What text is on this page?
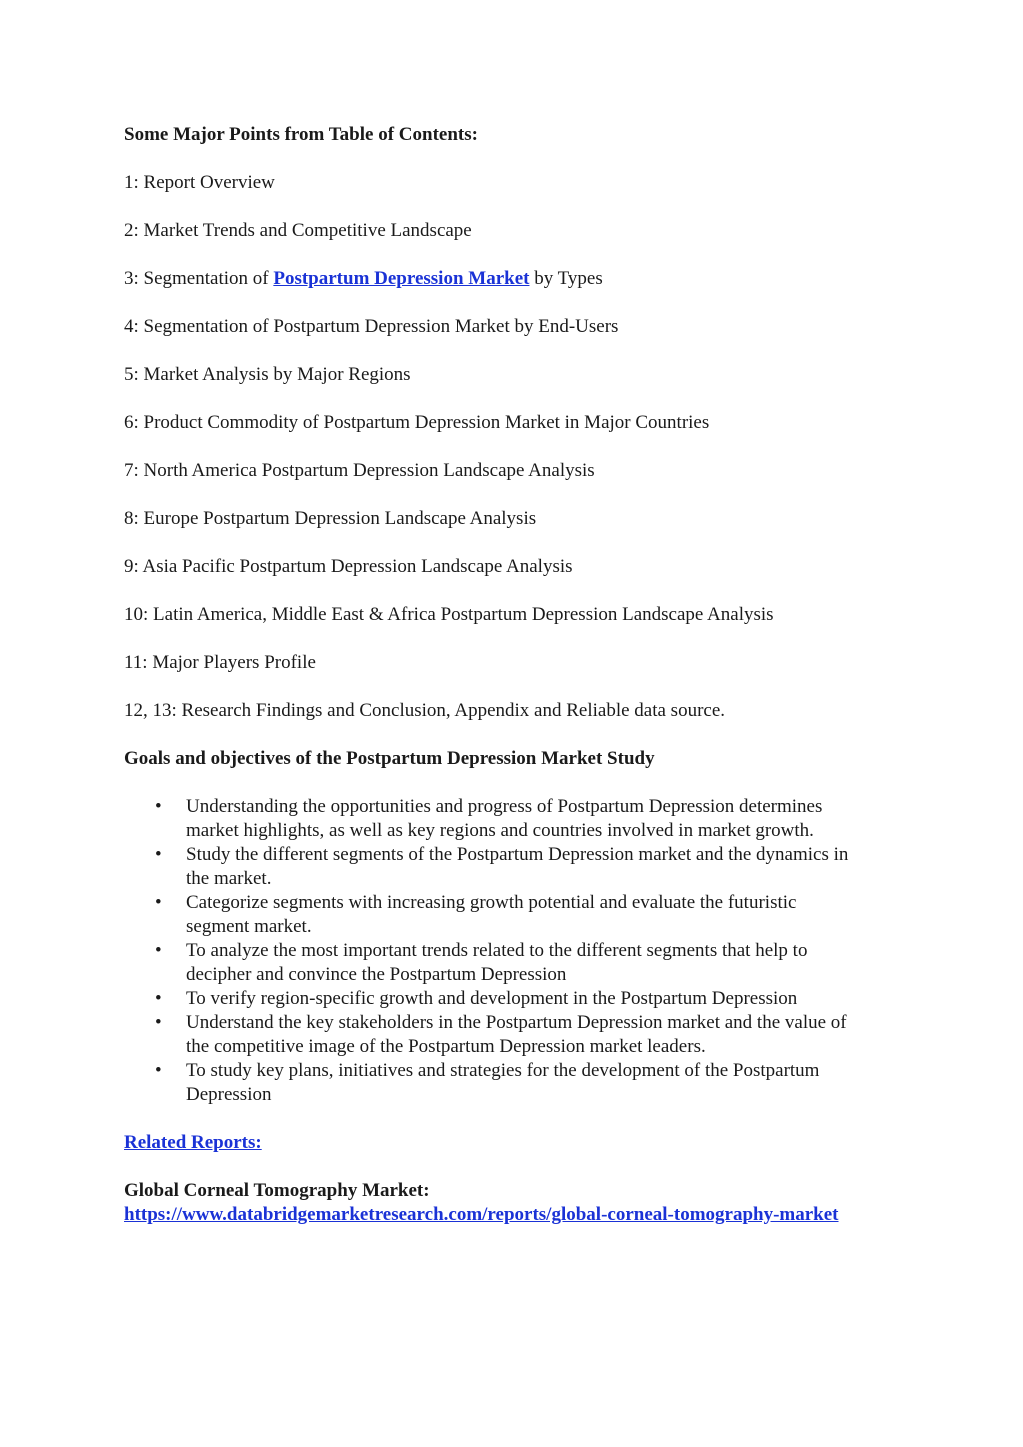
Some Major Points from Table of Contents:
1: Report Overview
2: Market Trends and Competitive Landscape
3: Segmentation of Postpartum Depression Market by Types
4: Segmentation of Postpartum Depression Market by End-Users
5: Market Analysis by Major Regions
6: Product Commodity of Postpartum Depression Market in Major Countries
7: North America Postpartum Depression Landscape Analysis
8: Europe Postpartum Depression Landscape Analysis
9: Asia Pacific Postpartum Depression Landscape Analysis
10: Latin America, Middle East & Africa Postpartum Depression Landscape Analysis
11: Major Players Profile
12, 13: Research Findings and Conclusion, Appendix and Reliable data source.
Goals and objectives of the Postpartum Depression Market Study
• Understanding the opportunities and progress of Postpartum Depression determines market highlights, as well as key regions and countries involved in market growth.
• Study the different segments of the Postpartum Depression market and the dynamics in the market.
• Categorize segments with increasing growth potential and evaluate the futuristic segment market.
• To analyze the most important trends related to the different segments that help to decipher and convince the Postpartum Depression
• To verify region-specific growth and development in the Postpartum Depression
• Understand the key stakeholders in the Postpartum Depression market and the value of the competitive image of the Postpartum Depression market leaders.
• To study key plans, initiatives and strategies for the development of the Postpartum Depression
Related Reports:
Global Corneal Tomography Market:
https://www.databridgemarketresearch.com/reports/global-corneal-tomography-market
